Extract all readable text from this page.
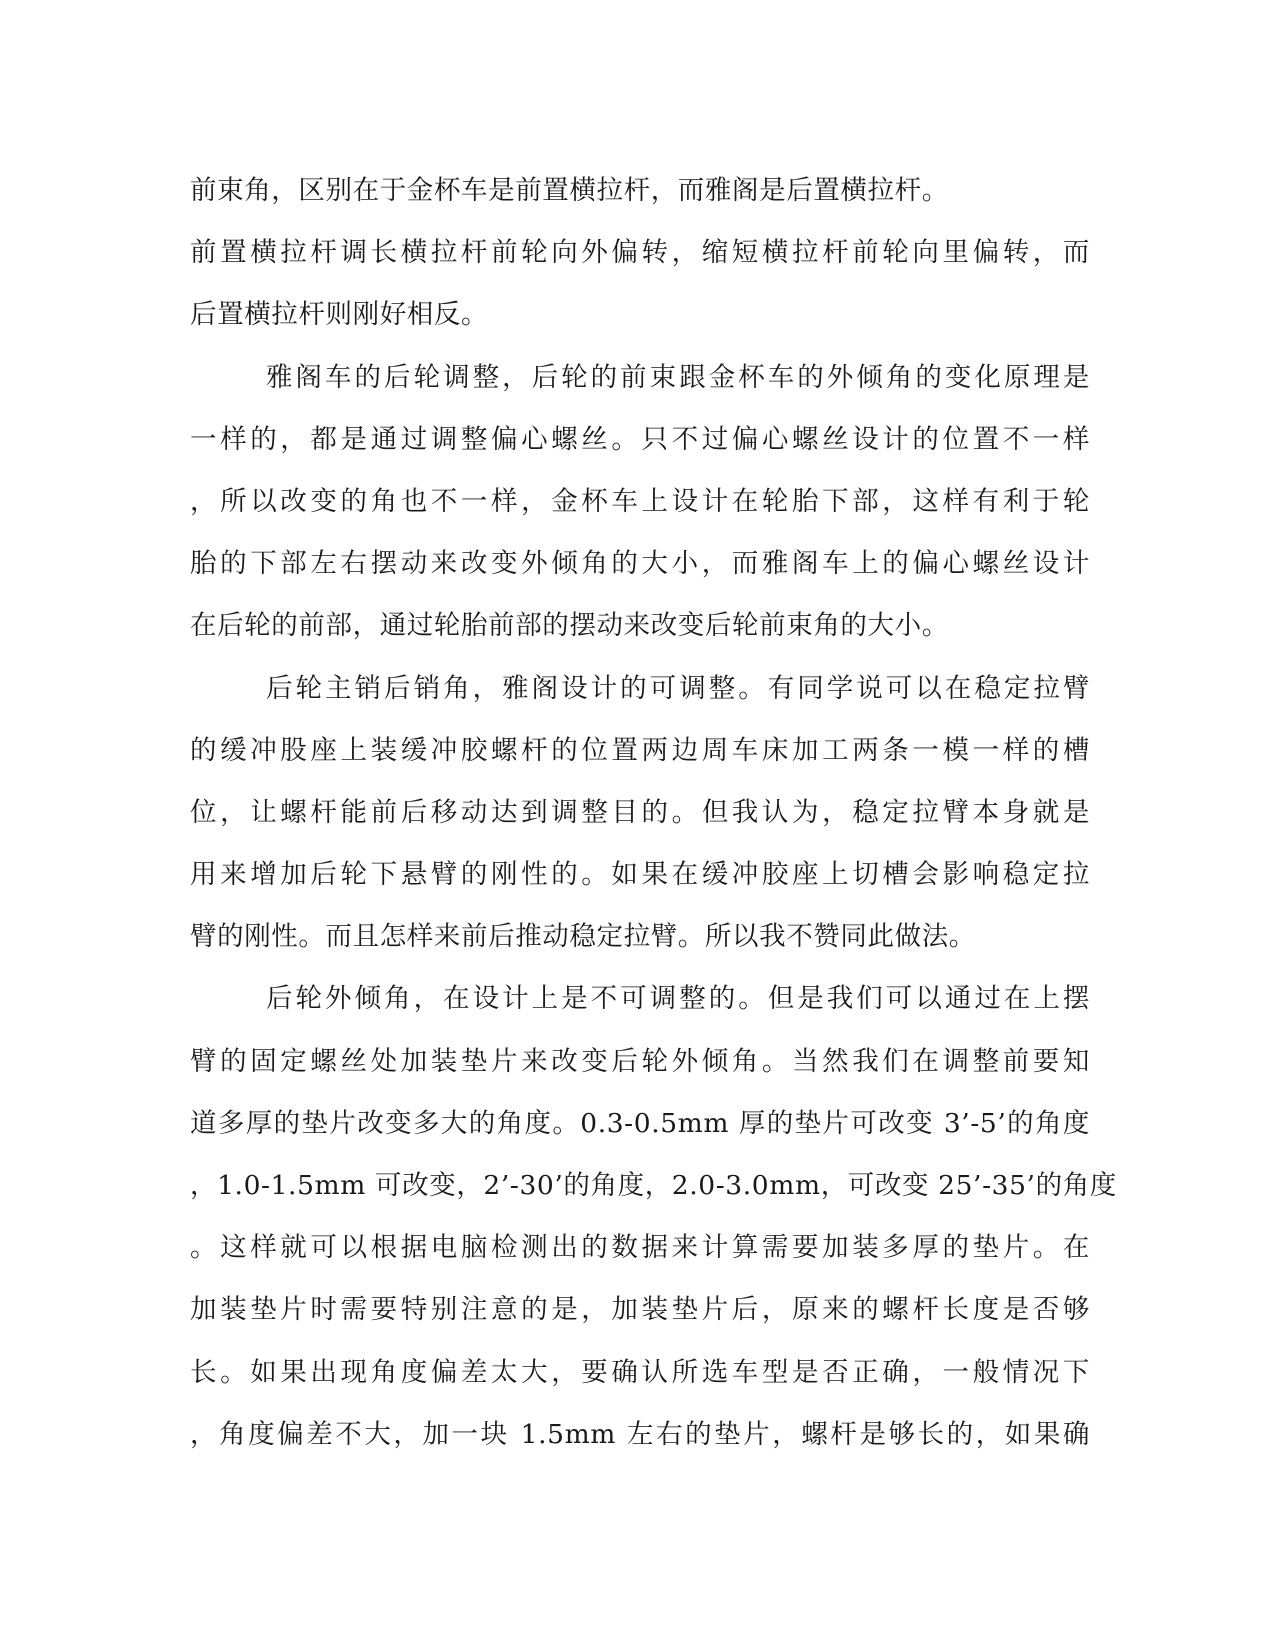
前束角，区别在于金杯车是前置横拉杆，而雅阁是后置横拉杆。
前置横拉杆调长横拉杆前轮向外偏转，缩短横拉杆前轮向里偏转，而
后置横拉杆则刚好相反。
雅阁车的后轮调整，后轮的前束跟金杯车的外倾角的变化原理是
一样的，都是通过调整偏心螺丝。只不过偏心螺丝设计的位置不一样
，所以改变的角也不一样，金杯车上设计在轮胎下部，这样有利于轮
胎的下部左右摆动来改变外倾角的大小，而雅阁车上的偏心螺丝设计
在后轮的前部，通过轮胎前部的摆动来改变后轮前束角的大小。
后轮主销后销角，雅阁设计的可调整。有同学说可以在稳定拉臂
的缓冲股座上装缓冲胶螺杆的位置两边周车床加工两条一模一样的槽
位，让螺杆能前后移动达到调整目的。但我认为，稳定拉臂本身就是
用来增加后轮下悬臂的刚性的。如果在缓冲胶座上切槽会影响稳定拉
臂的刚性。而且怎样来前后推动稳定拉臂。所以我不赞同此做法。
后轮外倾角，在设计上是不可调整的。但是我们可以通过在上摆
臂的固定螺丝处加装垫片来改变后轮外倾角。当然我们在调整前要知
道多厚的垫片改变多大的角度。0.3-0.5mm 厚的垫片可改变 3’-5’的角度
，1.0-1.5mm 可改变，2’-30’的角度，2.0-3.0mm，可改变 25’-35’的角度
。这样就可以根据电脑检测出的数据来计算需要加装多厚的垫片。在
加装垫片时需要特别注意的是，加装垫片后，原来的螺杆长度是否够
长。如果出现角度偏差太大，要确认所选车型是否正确，一般情况下
，角度偏差不大，加一块 1.5mm 左右的垫片，螺杆是够长的，如果确
